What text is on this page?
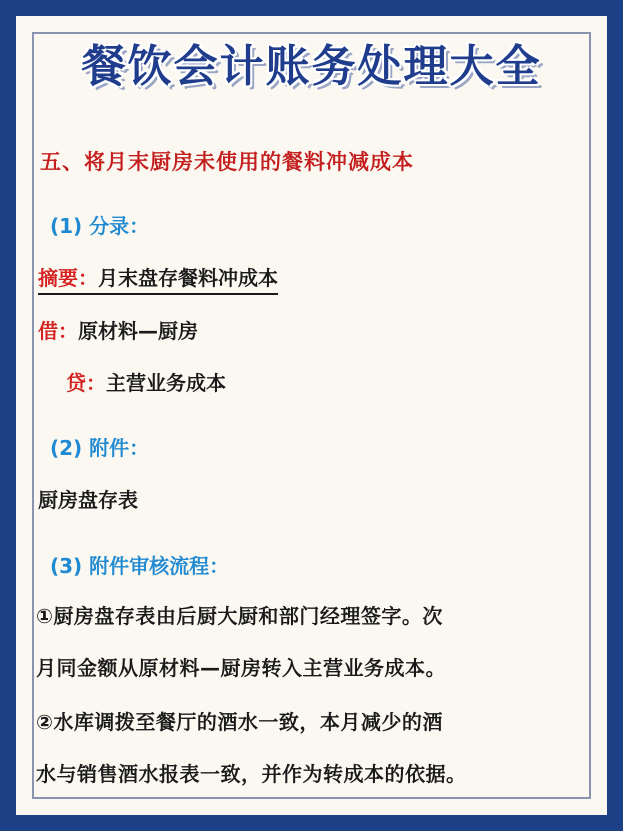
餐饮会计账务处理大全
五、将月末厨房未使用的餐料冲减成本
(1) 分录：
摘要：月末盘存餐料冲成本
借：原材料—厨房
贷：主营业务成本
(2) 附件：
厨房盘存表
(3) 附件审核流程：
①厨房盘存表由后厨大厨和部门经理签字。次
月同金额从原材料—厨房转入主营业务成本。
②水库调拨至餐厅的酒水一致，本月减少的酒
水与销售酒水报表一致，并作为转成本的依据。
